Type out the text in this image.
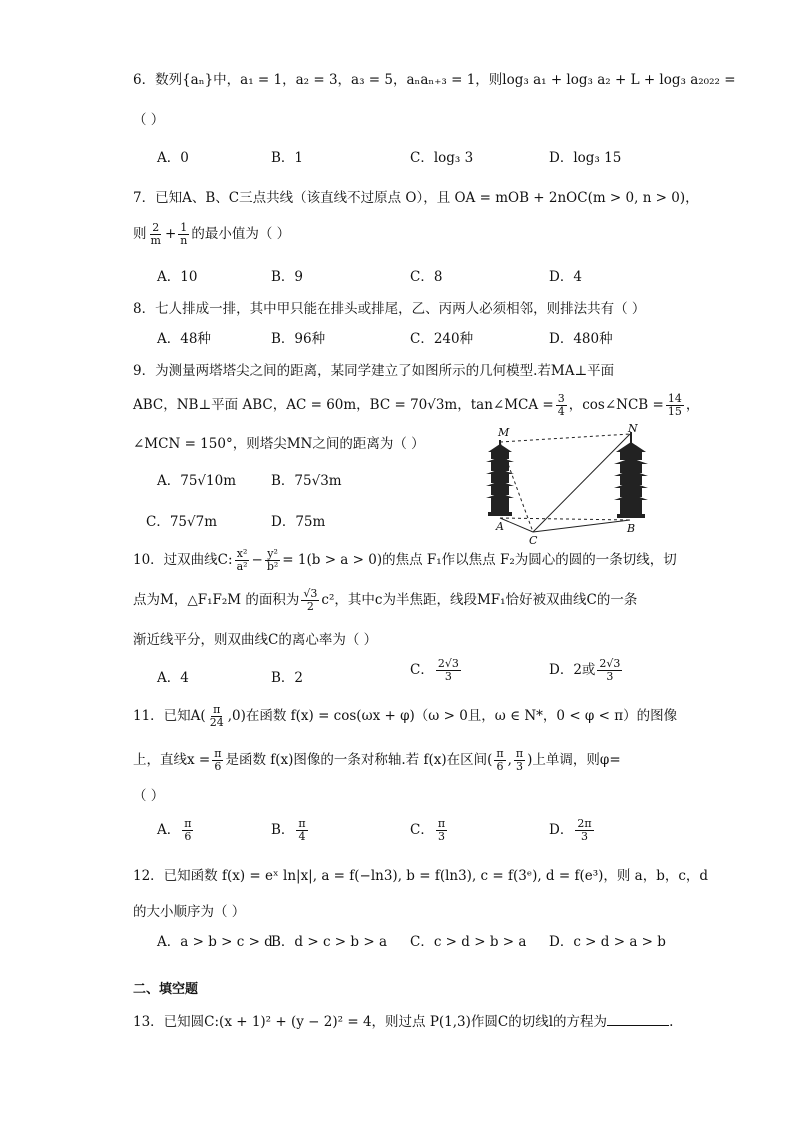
6．数列{aₙ}中，a₁ = 1，a₂ = 3，a₃ = 5，aₙaₙ₊₃ = 1，则log₃ a₁ + log₃ a₂ + L + log₃ a₂₀₂₂ =
（ ）
A．0	B．1	C．log₃ 3	D．log₃ 15
7．已知A、B、C三点共线（该直线不过原点 O），且 OA = mOB + 2nOC(m > 0, n > 0)，
则 $\frac{2}{m} + \frac{1}{n}$ 的最小值为（ ）
A．10	B．9	C．8	D．4
8．七人排成一排，其中甲只能在排头或排尾，乙、丙两人必须相邻，则排法共有（ ）
A．48种	B．96种	C．240种	D．480种
9．为测量两塔塔尖之间的距离，某同学建立了如图所示的几何模型.若MA⊥平面
ABC，NB⊥平面 ABC，AC = 60m，BC = 70√3m，tan∠MCA = $\frac{3}{4}$ ，cos∠NCB = $\frac{14}{15}$ ，
∠MCN = 150°，则塔尖MN之间的距离为（ ）
A．75√10m	B．75√3m
C．75√7m	D．75m
M	N
A
C
B
10．过双曲线C: $\frac{\text{x²}}{\text{a²}} - \frac{\text{y²}}{\text{b²}} = 1(b > a > 0)$的焦点 F₁作以焦点 F₂为圆心的圆的一条切线，切
点为M，△F₁F₂M 的面积为 $\frac{√3}{2} c^2$，其中c为半焦距，线段MF₁恰好被双曲线C的一条
渐近线平分，则双曲线C的离心率为（ ）
A．4	B．2	C． $\frac{2√3}{3}$	D．2或 $\frac{2√3}{3}$
11．已知$A( \frac{\pi}{24} ,0)$在函数 f(x) = cos(ωx + φ)（ω > 0且，ω ∈ N*，0 < φ < π）的图像
上，直线$x = \frac{\pi}{6}$ 是函数 f(x)图像的一条对称轴.若 f(x)在区间( $\frac{\pi}{6}$ , $\frac{\pi}{3}$ )上单调，则φ=
（ ）
A． $\frac{\pi}{6}$	B． $\frac{\pi}{4}$	C． $\frac{\pi}{3}$	D． $\frac{2\pi}{3}$
12．已知函数 f(x) = eˣ ln|x|, a = f(−ln3), b = f(ln3), c = f(3ᵉ), d = f(e³)，则 a，b，c，d
的大小顺序为（ ）
A．a > b > c > d
B．d > c > b > a C．c > d > b > a D．c > d > a > b
二、填空题
13．已知圆C:(x + 1)² + (y − 2)² = 4，则过点 P(1,3)作圆C的切线l的方程为	.
